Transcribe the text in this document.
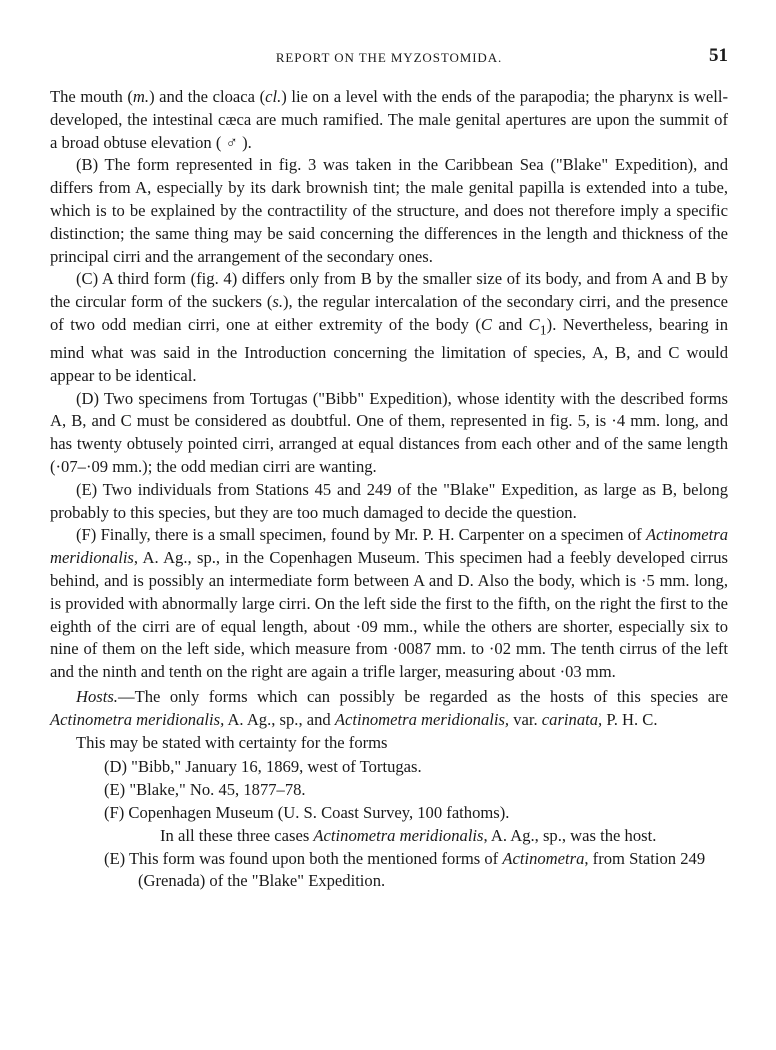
REPORT ON THE MYZOSTOMIDA.	51

The mouth (m.) and the cloaca (cl.) lie on a level with the ends of the parapodia; the pharynx is well-developed, the intestinal cæca are much ramified. The male genital apertures are upon the summit of a broad obtuse elevation ( ♂ ).

(B) The form represented in fig. 3 was taken in the Caribbean Sea ("Blake" Expedition), and differs from A, especially by its dark brownish tint; the male genital papilla is extended into a tube, which is to be explained by the contractility of the structure, and does not therefore imply a specific distinction; the same thing may be said concerning the differences in the length and thickness of the principal cirri and the arrangement of the secondary ones.

(C) A third form (fig. 4) differs only from B by the smaller size of its body, and from A and B by the circular form of the suckers (s.), the regular intercalation of the secondary cirri, and the presence of two odd median cirri, one at either extremity of the body (C and $C_1$). Nevertheless, bearing in mind what was said in the Introduction concerning the limitation of species, A, B, and C would appear to be identical.

(D) Two specimens from Tortugas ("Bibb" Expedition), whose identity with the described forms A, B, and C must be considered as doubtful. One of them, represented in fig. 5, is ·4 mm. long, and has twenty obtusely pointed cirri, arranged at equal distances from each other and of the same length (·07–·09 mm.); the odd median cirri are wanting.

(E) Two individuals from Stations 45 and 249 of the "Blake" Expedition, as large as B, belong probably to this species, but they are too much damaged to decide the question.

(F) Finally, there is a small specimen, found by Mr. P. H. Carpenter on a specimen of Actinometra meridionalis, A. Ag., sp., in the Copenhagen Museum. This specimen had a feebly developed cirrus behind, and is possibly an intermediate form between A and D. Also the body, which is ·5 mm. long, is provided with abnormally large cirri. On the left side the first to the fifth, on the right the first to the eighth of the cirri are of equal length, about ·09 mm., while the others are shorter, especially six to nine of them on the left side, which measure from ·0087 mm. to ·02 mm. The tenth cirrus of the left and the ninth and tenth on the right are again a trifle larger, measuring about ·03 mm.

Hosts.—The only forms which can possibly be regarded as the hosts of this species are Actinometra meridionalis, A. Ag., sp., and Actinometra meridionalis, var. carinata, P. H. C.

This may be stated with certainty for the forms

(D) "Bibb," January 16, 1869, west of Tortugas.
(E) "Blake," No. 45, 1877–78.
(F) Copenhagen Museum (U. S. Coast Survey, 100 fathoms).
In all these three cases Actinometra meridionalis, A. Ag., sp., was the host.
(E) This form was found upon both the mentioned forms of Actinometra, from Station 249 (Grenada) of the "Blake" Expedition.
